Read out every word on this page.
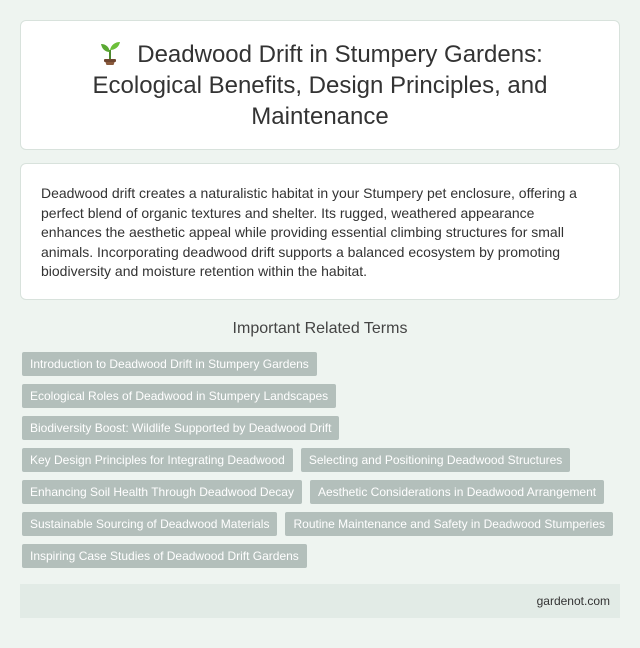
Deadwood Drift in Stumpery Gardens: Ecological Benefits, Design Principles, and Maintenance

Deadwood drift creates a naturalistic habitat in your Stumpery pet enclosure, offering a perfect blend of organic textures and shelter. Its rugged, weathered appearance enhances the aesthetic appeal while providing essential climbing structures for small animals. Incorporating deadwood drift supports a balanced ecosystem by promoting biodiversity and moisture retention within the habitat.

Important Related Terms
Introduction to Deadwood Drift in Stumpery Gardens
Ecological Roles of Deadwood in Stumpery Landscapes
Biodiversity Boost: Wildlife Supported by Deadwood Drift
Key Design Principles for Integrating Deadwood	Selecting and Positioning Deadwood Structures
Enhancing Soil Health Through Deadwood Decay	Aesthetic Considerations in Deadwood Arrangement
Sustainable Sourcing of Deadwood Materials	Routine Maintenance and Safety in Deadwood Stumperies
Inspiring Case Studies of Deadwood Drift Gardens
gardenot.com
